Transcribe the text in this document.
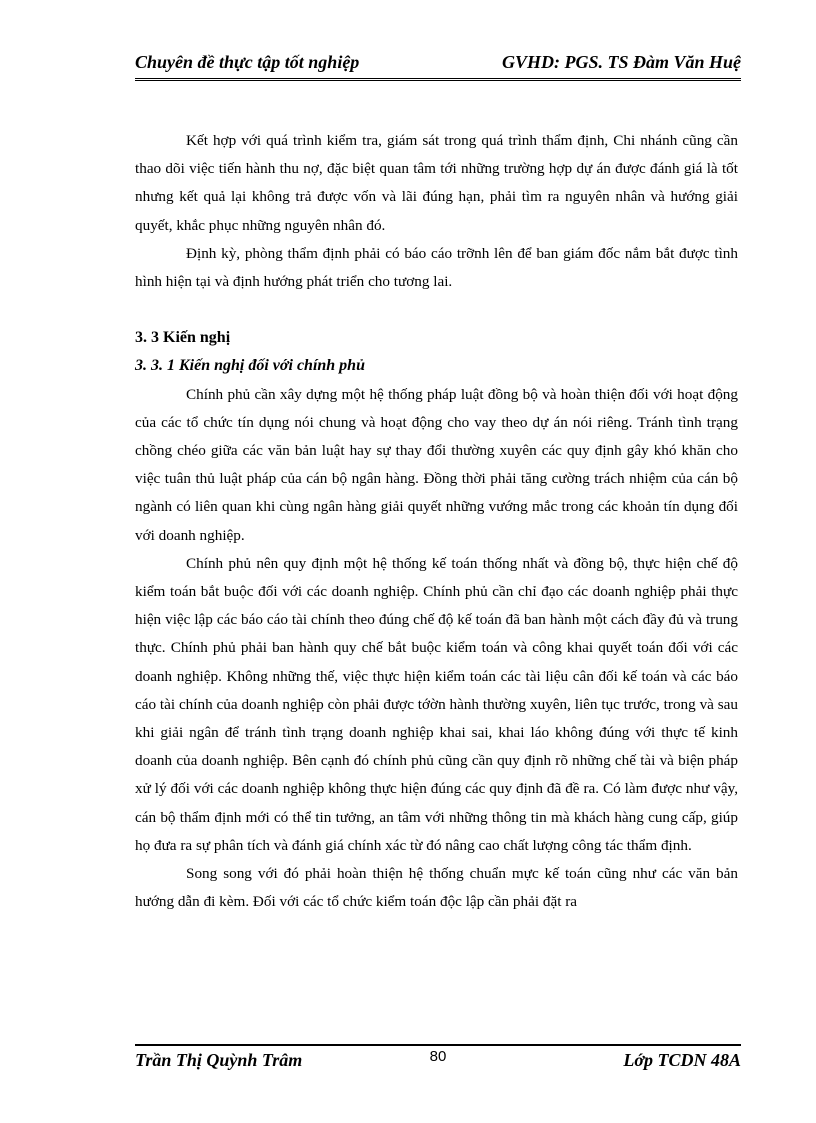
Chuyên đề thực tập tốt nghiệp	GVHD: PGS. TS Đàm Văn Huệ

Kết hợp với quá trình kiểm tra, giám sát trong quá trình thẩm định, Chi nhánh cũng cần thao dõi việc tiến hành thu nợ, đặc biệt quan tâm tới những trường hợp dự án được đánh giá là tốt nhưng kết quả lại không trả được vốn và lãi đúng hạn, phải tìm ra nguyên nhân và hướng giải quyết, khắc phục những nguyên nhân đó.

Định kỳ, phòng thẩm định phải có báo cáo trỡnh lên để ban giám đốc nắm bắt được tình hình hiện tại và định hướng phát triển cho tương lai.

3. 3 Kiến nghị

3. 3. 1 Kiến nghị đối với chính phủ

Chính phủ cần xây dựng một hệ thống pháp luật đồng bộ và hoàn thiện đối với hoạt động của các tổ chức tín dụng nói chung và hoạt động cho vay theo dự án nói riêng. Tránh tình trạng chồng chéo giữa các văn bản luật hay sự thay đổi thường xuyên các quy định gây khó khăn cho việc tuân thủ luật pháp của cán bộ ngân hàng. Đồng thời phải tăng cường trách nhiệm của cán bộ ngành có liên quan khi cùng ngân hàng giải quyết những vướng mắc trong các khoản tín dụng đối với doanh nghiệp.

Chính phủ nên quy định một hệ thống kế toán thống nhất và đồng bộ, thực hiện chế độ kiểm toán bắt buộc đối với các doanh nghiệp. Chính phủ cần chỉ đạo các doanh nghiệp phải thực hiện việc lập các báo cáo tài chính theo đúng chế độ kế toán đã ban hành một cách đầy đủ và trung thực. Chính phủ phải ban hành quy chế bắt buộc kiểm toán và công khai quyết toán đối với các doanh nghiệp. Không những thế, việc thực hiện kiểm toán các tài liệu cân đối kế toán và các báo cáo tài chính của doanh nghiệp còn phải được tớờn hành thường xuyên, liên tục trước, trong và sau khi giải ngân để tránh tình trạng doanh nghiệp khai sai, khai láo không đúng với thực tế kinh doanh của doanh nghiệp. Bên cạnh đó chính phủ cũng cần quy định rõ những chế tài và biện pháp xử lý đối với các doanh nghiệp không thực hiện đúng các quy định đã đề ra. Có làm được như vậy, cán bộ thẩm định mới có thể tin tưởng, an tâm với những thông tin mà khách hàng cung cấp, giúp họ đưa ra sự phân tích và đánh giá chính xác từ đó nâng cao chất lượng công tác thẩm định.

Song song với đó phải hoàn thiện hệ thống chuẩn mực kế toán cũng như các văn bản hướng dẫn đi kèm. Đối với các tổ chức kiểm toán độc lập cần phải đặt ra

Trần Thị Quỳnh Trâm	80	Lớp TCDN 48A
